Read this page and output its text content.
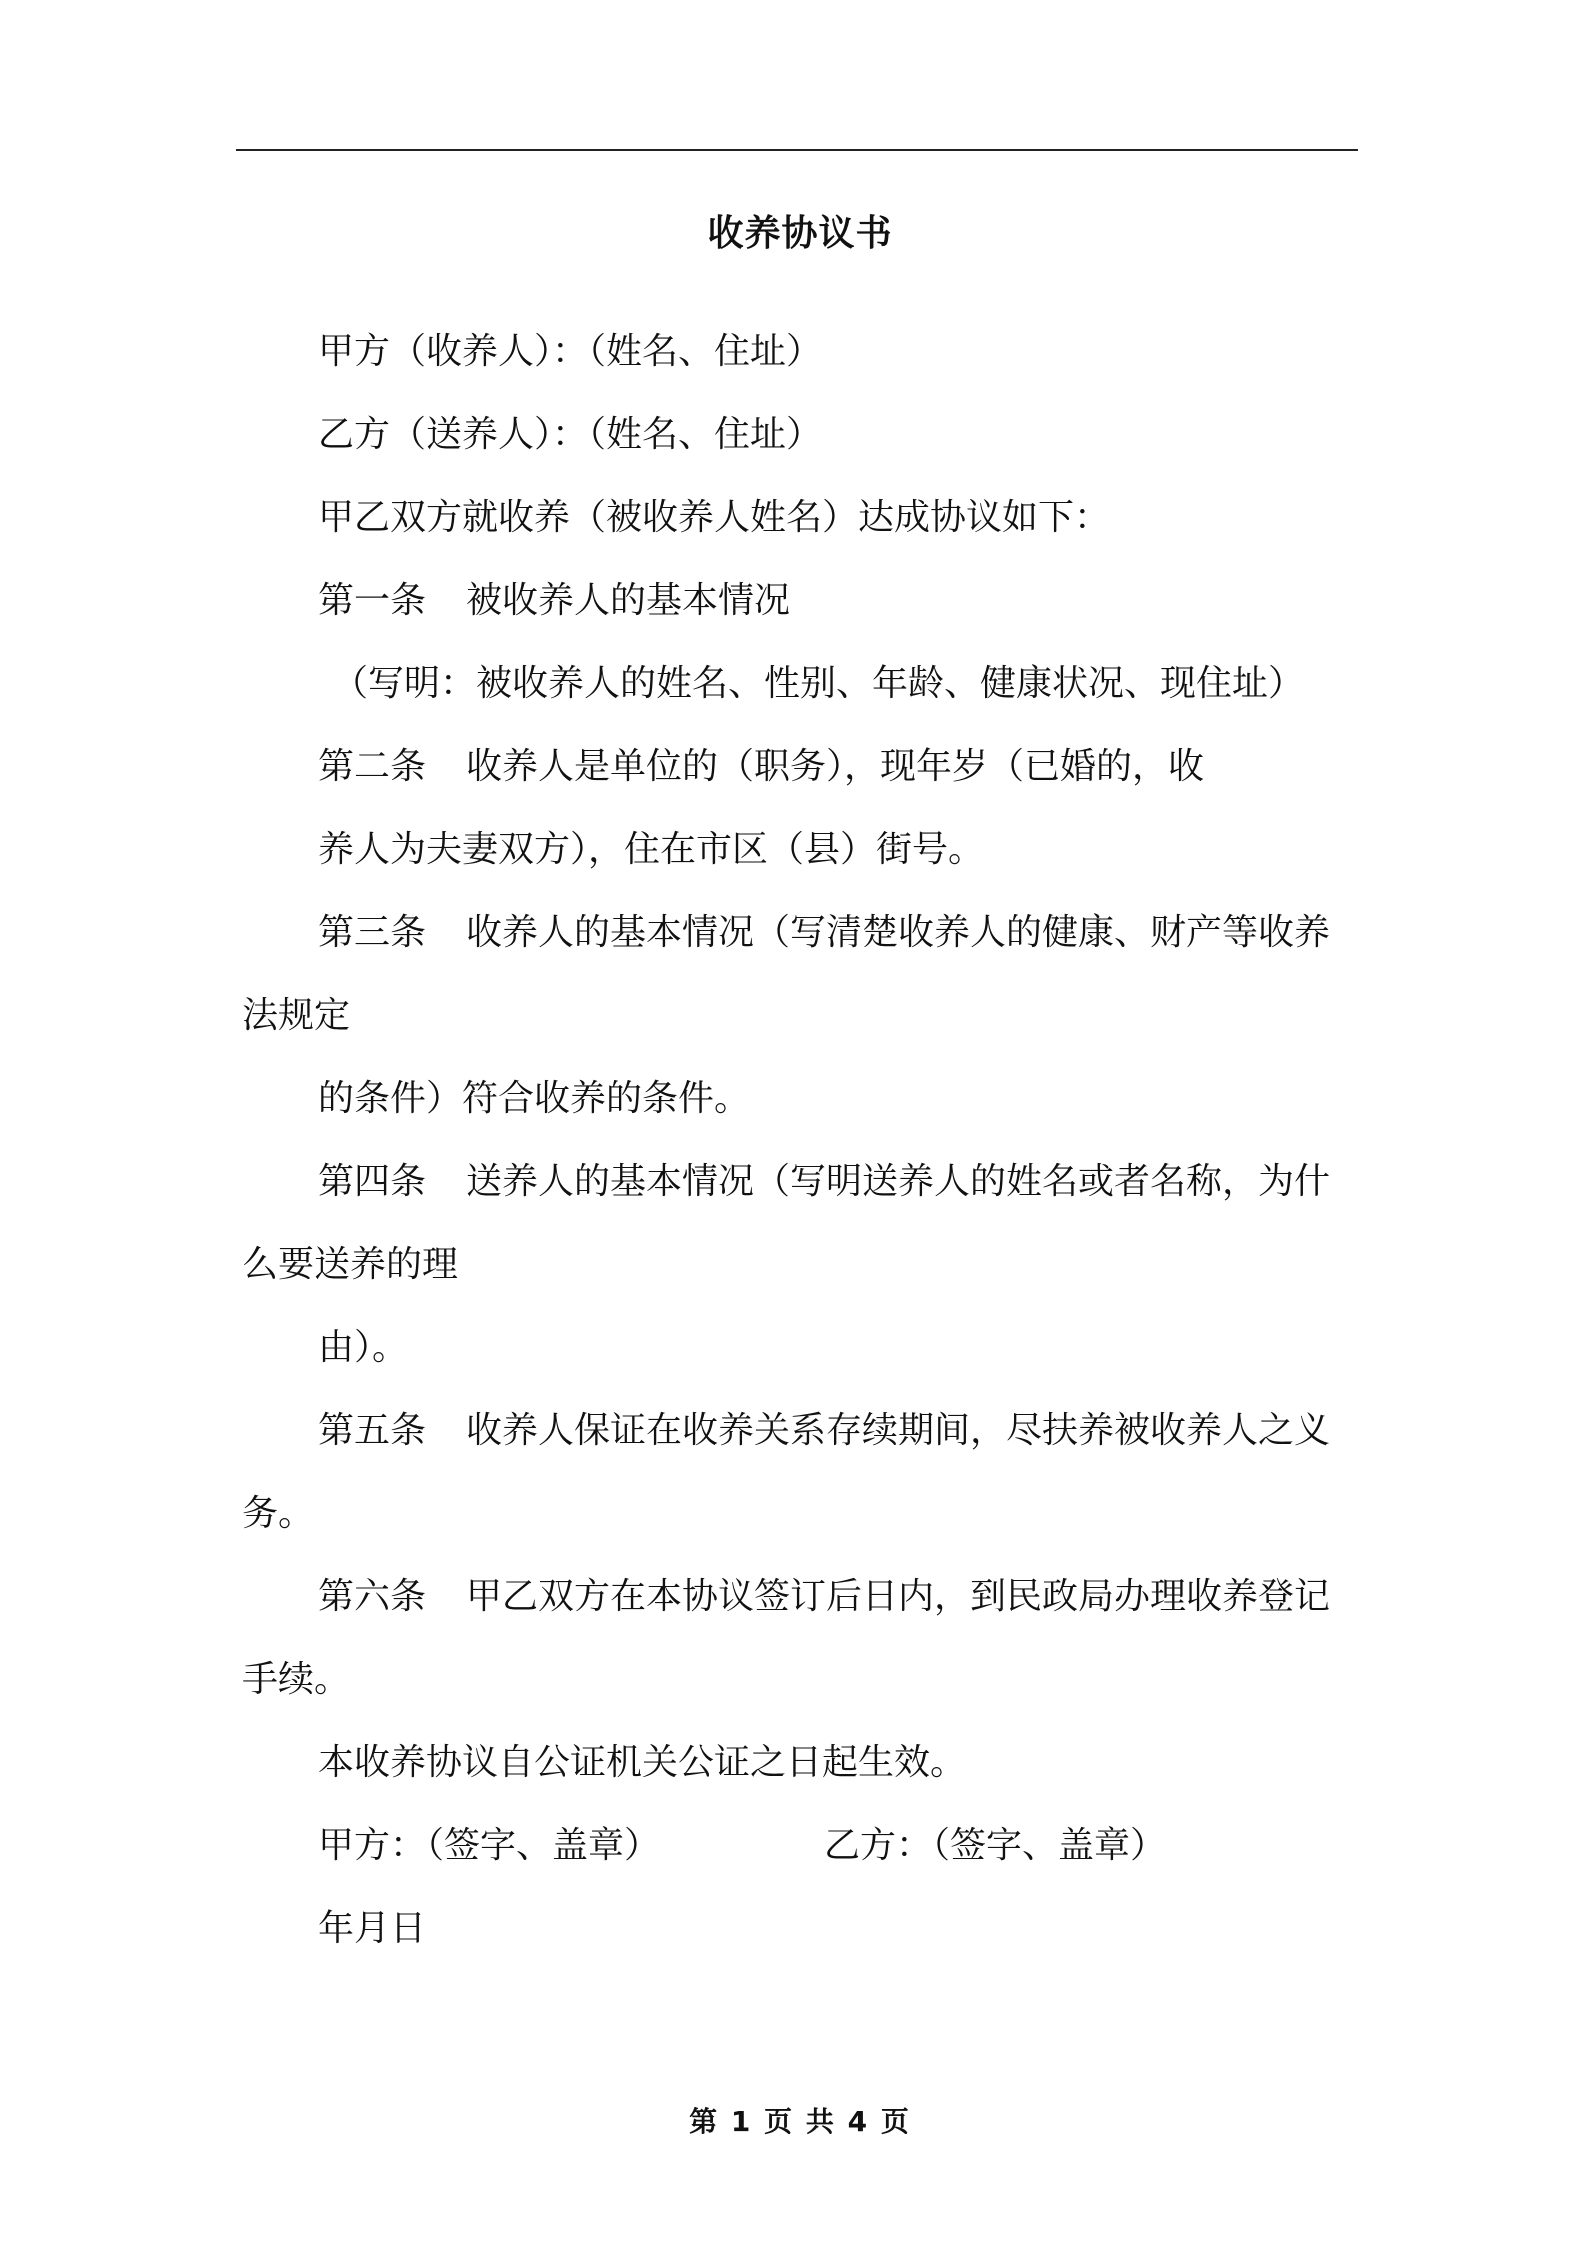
收养协议书
甲方（收养人）：（姓名、住址）
乙方（送养人）：（姓名、住址）
甲乙双方就收养（被收养人姓名）达成协议如下：
第一条 被收养人的基本情况
（写明：被收养人的姓名、性别、年龄、健康状况、现住址）
第二条 收养人是单位的（职务），现年岁（已婚的，收
养人为夫妻双方），住在市区（县）街号。
第三条 收养人的基本情况（写清楚收养人的健康、财产等收养
法规定
的条件）符合收养的条件。
第四条 送养人的基本情况（写明送养人的姓名或者名称，为什
么要送养的理
由）。
第五条 收养人保证在收养关系存续期间，尽扶养被收养人之义
务。
第六条 甲乙双方在本协议签订后日内，到民政局办理收养登记
手续。
本收养协议自公证机关公证之日起生效。
甲方：（签字、盖章）	乙方：（签字、盖章）
年月日
第 1 页 共 4 页
